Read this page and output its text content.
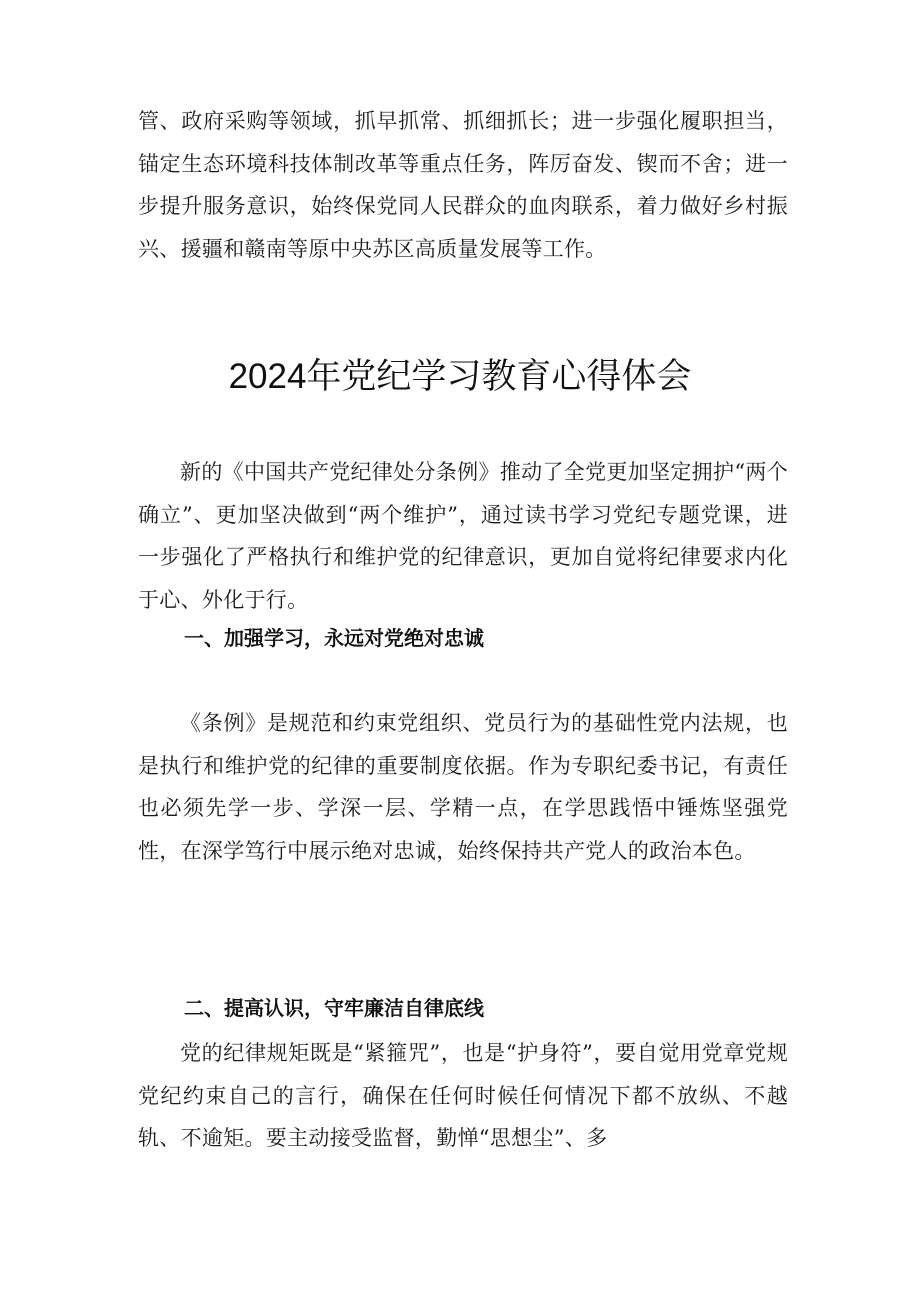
管、政府采购等领域，抓早抓常、抓细抓长；进一步强化履职担当，锚定生态环境科技体制改革等重点任务，阵厉奋发、锲而不舍；进一步提升服务意识，始终保党同人民群众的血肉联系，着力做好乡村振兴、援疆和赣南等原中央苏区高质量发展等工作。

2024年党纪学习教育心得体会

新的《中国共产党纪律处分条例》推动了全党更加坚定拥护“两个确立”、更加坚决做到“两个维护”，通过读书学习党纪专题党课，进一步强化了严格执行和维护党的纪律意识，更加自觉将纪律要求内化于心、外化于行。

一、加强学习，永远对党绝对忠诚

《条例》是规范和约束党组织、党员行为的基础性党内法规，也是执行和维护党的纪律的重要制度依据。作为专职纪委书记，有责任也必须先学一步、学深一层、学精一点，在学思践悟中锤炼坚强党性，在深学笃行中展示绝对忠诚，始终保持共产党人的政治本色。

二、提高认识，守牢廉洁自律底线

党的纪律规矩既是“紧箍咒”，也是“护身符”，要自觉用党章党规党纪约束自己的言行，确保在任何时候任何情况下都不放纵、不越轨、不逾矩。要主动接受监督，勤惮“思想尘”、多
